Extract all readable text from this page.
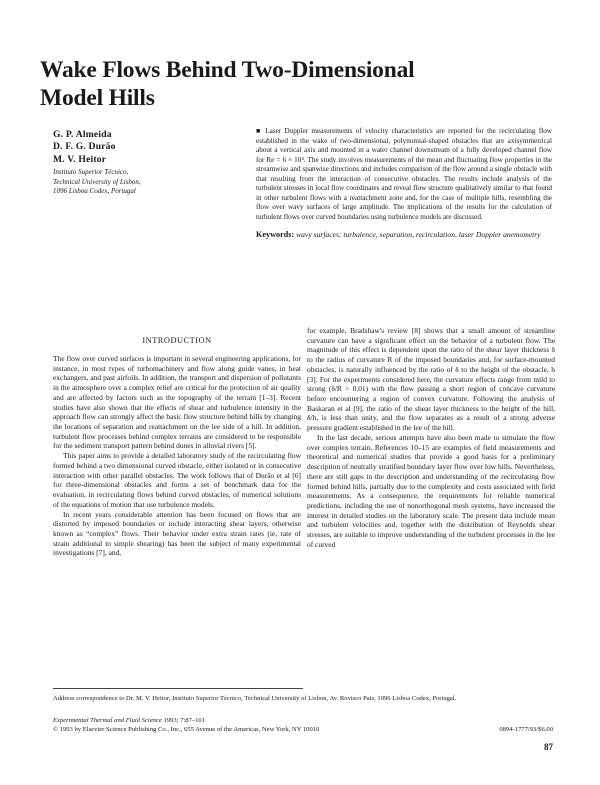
Wake Flows Behind Two-Dimensional Model Hills
G. P. Almeida
D. F. G. Durão
M. V. Heitor
Instituto Superior Técnico,
Technical University of Lisbon,
1096 Lisboa Codex, Portugal

■ Laser Doppler measurements of velocity characteristics are reported for the recirculating flow established in the wake of two-dimensional, polynomial-shaped obstacles that are axisymmetrical about a vertical axis and mounted in a water channel downstream of a fully developed channel flow for Re = 6 × 10⁴. The study involves measurements of the mean and fluctuating flow properties in the streamwise and spanwise directions and includes comparison of the flow around a single obstacle with that resulting from the interaction of consecutive obstacles. The results include analysis of the turbulent stresses in local flow coordinates and reveal flow structure qualitatively similar to that found in other turbulent flows with a reattachment zone and, for the case of multiple hills, resembling the flow over wavy surfaces of large amplitude. The implications of the results for the calculation of turbulent flows over curved boundaries using turbulence models are discussed.

Keywords: wavy surfaces; turbulence, separation, recirculation, laser Doppler anemometry

INTRODUCTION

The flow over curved surfaces is important in several engineering applications, for instance, in most types of turbomachinery and flow along guide vanes, in heat exchangers, and past airfoils. In addition, the transport and dispersion of pollutants in the atmosphere over a complex relief are critical for the protection of air quality and are affected by factors such as the topography of the terrain [1–3]. Recent studies have also shown that the effects of shear and turbulence intensity in the approach flow can strongly affect the basic flow structure behind hills by changing the locations of separation and reattachment on the lee side of a hill. In addition, turbulent flow processes behind complex terrains are considered to be responsible for the sediment transport pattern behind dunes in alluvial rivers [5].

This paper aims to provide a detailed laboratory study of the recirculating flow formed behind a two dimensional curved obstacle, either isolated or in consecutive interaction with other parallel obstacles. The work follows that of Durão et al [6] for three-dimensional obstacles and forms a set of benchmark data for the evaluation, in recirculating flows behind curved obstacles, of numerical solutions of the equations of motion that use turbulence models.

In recent years considerable attention has been focused on flows that are distorted by imposed boundaries or include interacting shear layers, otherwise known as “complex” flows. Their behavior under extra strain rates (ie, rate of strain additional to simple shearing) has been the subject of many experimental investigations [7], and,

for example, Bradshaw's review [8] shows that a small amount of streamline curvature can have a significant effect on the behavior of a turbulent flow. The magnitude of this effect is dependent upon the ratio of the shear layer thickness δ to the radius of curvature R of the imposed boundaries and, for surface-mounted obstacles, is naturally influenced by the ratio of δ to the height of the obstacle, h [3]. For the experiments considered here, the curvature effects range from mild to strong (δ/R > 0.01) with the flow passing a short region of concave curvature before encountering a region of convex curvature. Following the analysis of Baskaran et al [9], the ratio of the shear layer thickness to the height of the hill, δ/h, is less than unity, and the flow separates as a result of a strong adverse pressure gradient established in the lee of the hill.

In the last decade, serious attempts have also been made to simulate the flow over complex terrain. References 10–15 are examples of field measurements and theoretical and numerical studies that provide a good basis for a preliminary description of neutrally stratified boundary layer flow over low hills. Nevertheless, there are still gaps in the description and understanding of the recirculating flow formed behind hills, partially due to the complexity and costs associated with field measurements. As a consequence, the requirements for reliable numerical predictions, including the use of nonorthogonal mesh systems, have increased the interest in detailed studies on the laboratory scale. The present data include mean and turbulent velocities and, together with the distribution of Reynolds shear stresses, are suitable to improve understanding of the turbulent processes in the lee of curved

Address correspondence to Dr. M. V. Heitor, Instituto Superior Técnico, Technical University of Lisbon, Av. Rovisco Pais, 1096 Lisboa Codex, Portugal.
Experimental Thermal and Fluid Science 1993; 7:87–101
© 1993 by Elsevier Science Publishing Co., Inc., 655 Avenue of the Americas, New York, NY 10010	0894-1777/93/$6.00
87
